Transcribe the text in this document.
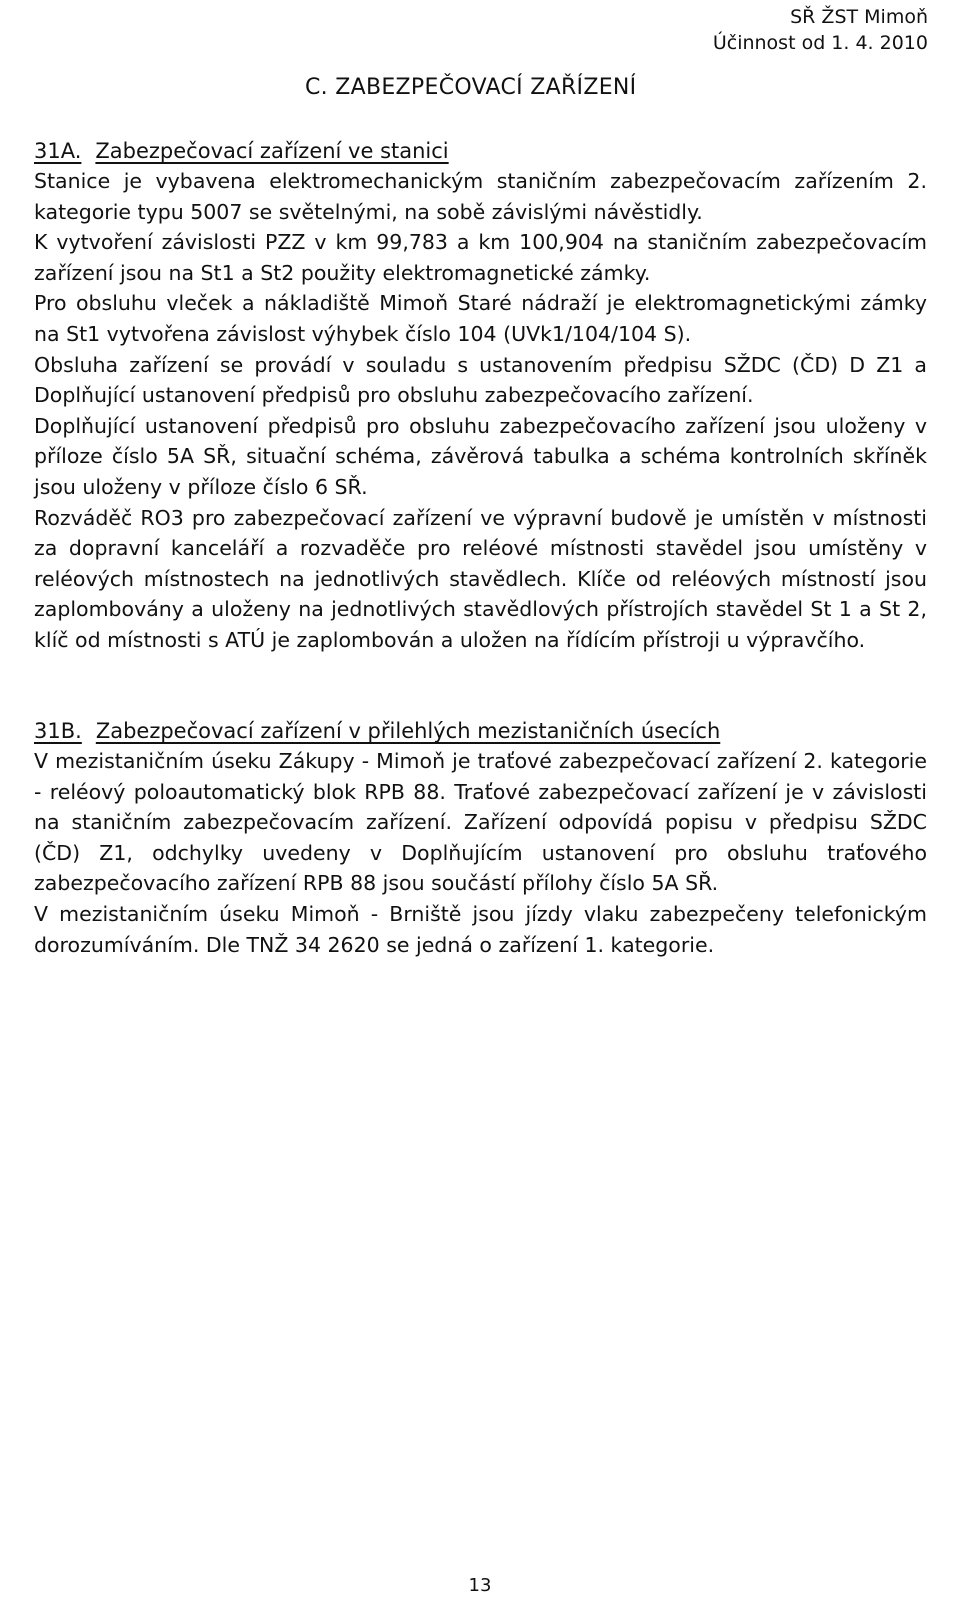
SŘ ŽST Mimoň
Účinnost od 1. 4. 2010
C. ZABEZPEČOVACÍ ZAŘÍZENÍ
31A. Zabezpečovací zařízení ve stanici

Stanice je vybavena elektromechanickým staničním zabezpečovacím zařízením 2. kategorie typu 5007 se světelnými, na sobě závislými návěstidly.

K vytvoření závislosti PZZ v km 99,783 a km 100,904 na staničním zabezpečovacím zařízení jsou na St1 a St2 použity elektromagnetické zámky.

Pro obsluhu vleček a nákladiště Mimoň Staré nádraží je elektromagnetickými zámky na St1 vytvořena závislost výhybek číslo 104 (UVk1/104/104 S).

Obsluha zařízení se provádí v souladu s ustanovením předpisu SŽDC (ČD) D Z1 a Doplňující ustanovení předpisů pro obsluhu zabezpečovacího zařízení.

Doplňující ustanovení předpisů pro obsluhu zabezpečovacího zařízení jsou uloženy v příloze číslo 5A SŘ, situační schéma, závěrová tabulka a schéma kontrolních skříněk jsou uloženy v příloze číslo 6 SŘ.

Rozváděč RO3 pro zabezpečovací zařízení ve výpravní budově je umístěn v místnosti za dopravní kanceláří a rozvaděče pro reléové místnosti stavědel jsou umístěny v reléových místnostech na jednotlivých stavědlech. Klíče od reléových místností jsou zaplombovány a uloženy na jednotlivých stavědlových přístrojích stavědel St 1 a St 2, klíč od místnosti s ATÚ je zaplombován a uložen na řídícím přístroji u výpravčího.

31B. Zabezpečovací zařízení v přilehlých mezistaničních úsecích

V mezistaničním úseku Zákupy - Mimoň je traťové zabezpečovací zařízení 2. kategorie - reléový poloautomatický blok RPB 88. Traťové zabezpečovací zařízení je v závislosti na staničním zabezpečovacím zařízení. Zařízení odpovídá popisu v předpisu SŽDC (ČD) Z1, odchylky uvedeny v Doplňujícím ustanovení pro obsluhu traťového zabezpečovacího zařízení RPB 88 jsou součástí přílohy číslo 5A SŘ.

V mezistaničním úseku Mimoň - Brniště jsou jízdy vlaku zabezpečeny telefonickým dorozumíváním. Dle TNŽ 34 2620 se jedná o zařízení 1. kategorie.

13
